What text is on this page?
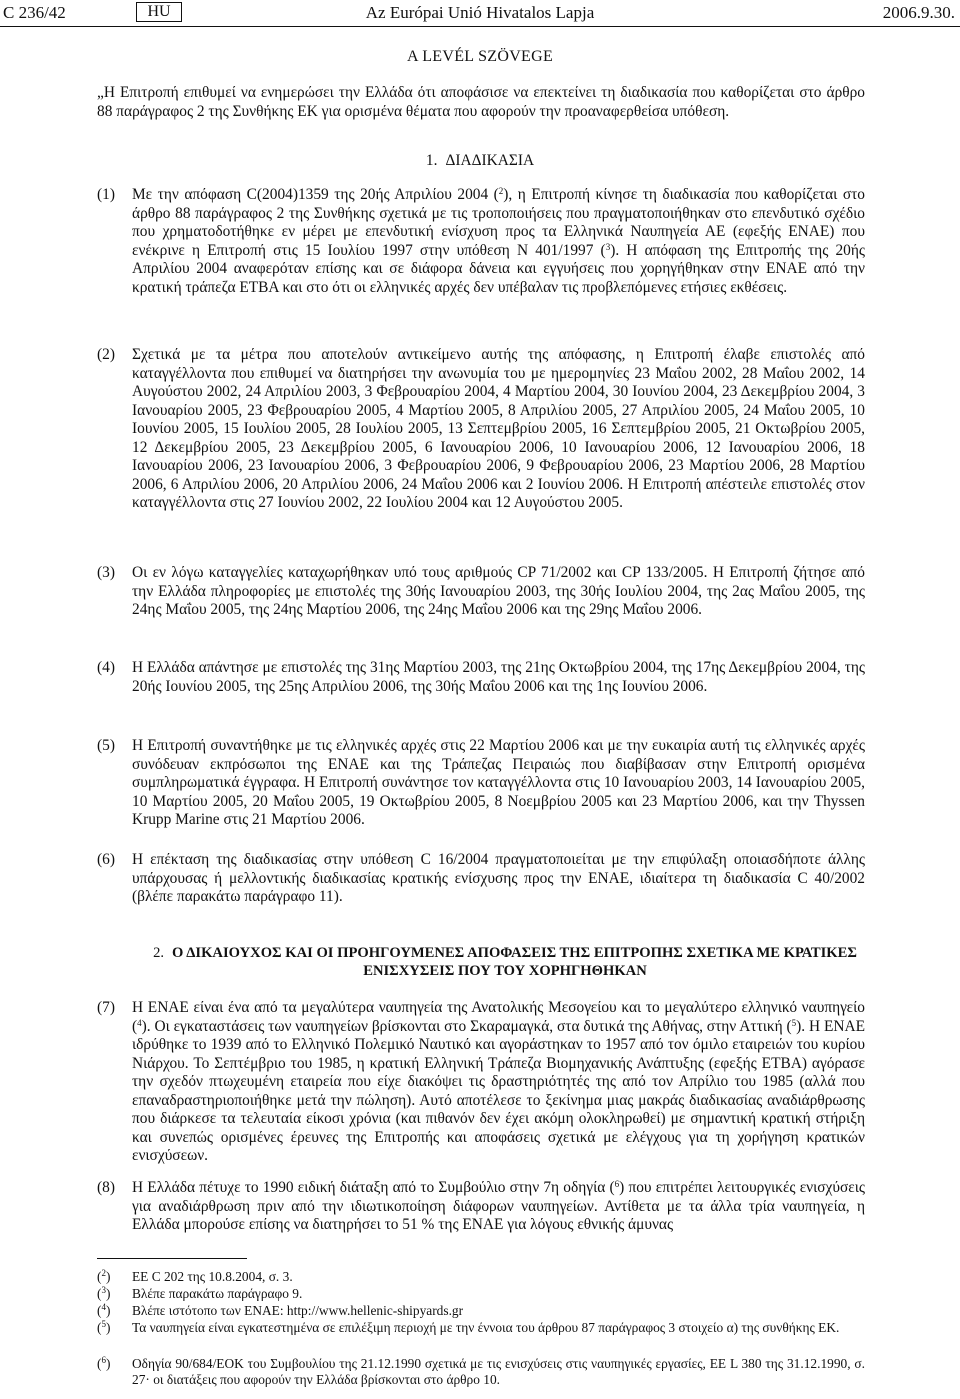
C 236/42	HU	Az Európai Unió Hivatalos Lapja	2006.9.30.
A LEVÉL SZÖVEGE
„Η Επιτροπή επιθυμεί να ενημερώσει την Ελλάδα ότι αποφάσισε να επεκτείνει τη διαδικασία που καθορίζεται στο άρθρο 88 παράγραφος 2 της Συνθήκης ΕΚ για ορισμένα θέματα που αφορούν την προαναφερθείσα υπόθεση.
1. ΔΙΑΔΙΚΑΣΙΑ
(1) Με την απόφαση C(2004)1359 της 20ής Απριλίου 2004 ($^2$), η Επιτροπή κίνησε τη διαδικασία που καθορίζεται στο άρθρο 88 παράγραφος 2 της Συνθήκης σχετικά με τις τροποποιήσεις που πραγματοποιήθηκαν στο επενδυτικό σχέδιο που χρηματοδοτήθηκε εν μέρει με επενδυτική ενίσχυση προς τα Ελληνικά Ναυπηγεία ΑΕ (εφεξής ΕΝΑΕ) που ενέκρινε η Επιτροπή στις 15 Ιουλίου 1997 στην υπόθεση Ν 401/1997 ($^3$). Η απόφαση της Επιτροπής της 20ής Απριλίου 2004 αναφερόταν επίσης και σε διάφορα δάνεια και εγγυήσεις που χορηγήθηκαν στην ΕΝΑΕ από την κρατική τράπεζα ΕΤΒΑ και στο ότι οι ελληνικές αρχές δεν υπέβαλαν τις προβλεπόμενες ετήσιες εκθέσεις.
(2) Σχετικά με τα μέτρα που αποτελούν αντικείμενο αυτής της απόφασης, η Επιτροπή έλαβε επιστολές από καταγγέλλοντα που επιθυμεί να διατηρήσει την ανωνυμία του με ημερομηνίες 23 Μαΐου 2002, 28 Μαΐου 2002, 14 Αυγούστου 2002, 24 Απριλίου 2003, 3 Φεβρουαρίου 2004, 4 Μαρτίου 2004, 30 Ιουνίου 2004, 23 Δεκεμβρίου 2004, 3 Ιανουαρίου 2005, 23 Φεβρουαρίου 2005, 4 Μαρτίου 2005, 8 Απριλίου 2005, 27 Απριλίου 2005, 24 Μαΐου 2005, 10 Ιουνίου 2005, 15 Ιουλίου 2005, 28 Ιουλίου 2005, 13 Σεπτεμβρίου 2005, 16 Σεπτεμβρίου 2005, 21 Οκτωβρίου 2005, 12 Δεκεμβρίου 2005, 23 Δεκεμβρίου 2005, 6 Ιανουαρίου 2006, 10 Ιανουαρίου 2006, 12 Ιανουαρίου 2006, 18 Ιανουαρίου 2006, 23 Ιανουαρίου 2006, 3 Φεβρουαρίου 2006, 9 Φεβρουαρίου 2006, 23 Μαρτίου 2006, 28 Μαρτίου 2006, 6 Απριλίου 2006, 20 Απριλίου 2006, 24 Μαΐου 2006 και 2 Ιουνίου 2006. Η Επιτροπή απέστειλε επιστολές στον καταγγέλλοντα στις 27 Ιουνίου 2002, 22 Ιουλίου 2004 και 12 Αυγούστου 2005.
(3) Οι εν λόγω καταγγελίες καταχωρήθηκαν υπό τους αριθμούς CP 71/2002 και CP 133/2005. Η Επιτροπή ζήτησε από την Ελλάδα πληροφορίες με επιστολές της 30ής Ιανουαρίου 2003, της 30ής Ιουλίου 2004, της 2ας Μαΐου 2005, της 24ης Μαΐου 2005, της 24ης Μαρτίου 2006, της 24ης Μαΐου 2006 και της 29ης Μαΐου 2006.
(4) Η Ελλάδα απάντησε με επιστολές της 31ης Μαρτίου 2003, της 21ης Οκτωβρίου 2004, της 17ης Δεκεμβρίου 2004, της 20ής Ιουνίου 2005, της 25ης Απριλίου 2006, της 30ής Μαΐου 2006 και της 1ης Ιουνίου 2006.
(5) Η Επιτροπή συναντήθηκε με τις ελληνικές αρχές στις 22 Μαρτίου 2006 και με την ευκαιρία αυτή τις ελληνικές αρχές συνόδευαν εκπρόσωποι της ΕΝΑΕ και της Τράπεζας Πειραιώς που διαβίβασαν στην Επιτροπή ορισμένα συμπληρωματικά έγγραφα. Η Επιτροπή συνάντησε τον καταγγέλλοντα στις 10 Ιανουαρίου 2003, 14 Ιανουαρίου 2005, 10 Μαρτίου 2005, 20 Μαΐου 2005, 19 Οκτωβρίου 2005, 8 Νοεμβρίου 2005 και 23 Μαρτίου 2006, και την Thyssen Krupp Marine στις 21 Μαρτίου 2006.
(6) Η επέκταση της διαδικασίας στην υπόθεση C 16/2004 πραγματοποιείται με την επιφύλαξη οποιασδήποτε άλλης υπάρχουσας ή μελλοντικής διαδικασίας κρατικής ενίσχυσης προς την ΕΝΑΕ, ιδιαίτερα τη διαδικασία C 40/2002 (βλέπε παρακάτω παράγραφο 11).
2. Ο ΔΙΚΑΙΟΥΧΟΣ ΚΑΙ ΟΙ ΠΡΟΗΓΟΥΜΕΝΕΣ ΑΠΟΦΑΣΕΙΣ ΤΗΣ ΕΠΙΤΡΟΠΗΣ ΣΧΕΤΙΚΑ ΜΕ ΚΡΑΤΙΚΕΣ ΕΝΙΣΧΥΣΕΙΣ ΠΟΥ ΤΟΥ ΧΟΡΗΓΗΘΗΚΑΝ
(7) Η ΕΝΑΕ είναι ένα από τα μεγαλύτερα ναυπηγεία της Ανατολικής Μεσογείου και το μεγαλύτερο ελληνικό ναυπηγείο ($^4$). Οι εγκαταστάσεις των ναυπηγείων βρίσκονται στο Σκαραμαγκά, στα δυτικά της Αθήνας, στην Αττική ($^5$). Η ΕΝΑΕ ιδρύθηκε το 1939 από το Ελληνικό Πολεμικό Ναυτικό και αγοράστηκαν το 1957 από τον όμιλο εταιρειών του κυρίου Νιάρχου. Το Σεπτέμβριο του 1985, η κρατική Ελληνική Τράπεζα Βιομηχανικής Ανάπτυξης (εφεξής ΕΤΒΑ) αγόρασε την σχεδόν πτωχευμένη εταιρεία που είχε διακόψει τις δραστηριότητές της από τον Απρίλιο του 1985 (αλλά που επαναδραστηριοποιήθηκε μετά την πώληση). Αυτό αποτέλεσε το ξεκίνημα μιας μακράς διαδικασίας αναδιάρθρωσης που διάρκεσε τα τελευταία είκοσι χρόνια (και πιθανόν δεν έχει ακόμη ολοκληρωθεί) με σημαντική κρατική στήριξη και συνεπώς ορισμένες έρευνες της Επιτροπής και αποφάσεις σχετικά με ελέγχους για τη χορήγηση κρατικών ενισχύσεων.
(8) Η Ελλάδα πέτυχε το 1990 ειδική διάταξη από το Συμβούλιο στην 7η οδηγία ($^6$) που επιτρέπει λειτουργικές ενισχύσεις για αναδιάρθρωση πριν από την ιδιωτικοποίηση διάφορων ναυπηγείων. Αντίθετα με τα άλλα τρία ναυπηγεία, η Ελλάδα μπορούσε επίσης να διατηρήσει το 51 % της ΕΝΑΕ για λόγους εθνικής άμυνας
($^2$) ΕΕ C 202 της 10.8.2004, σ. 3.
($^3$) Βλέπε παρακάτω παράγραφο 9.
($^4$) Βλέπε ιστότοπο των ΕΝΑΕ: http://www.hellenic-shipyards.gr
($^5$) Τα ναυπηγεία είναι εγκατεστημένα σε επιλέξιμη περιοχή με την έννοια του άρθρου 87 παράγραφος 3 στοιχείο α) της συνθήκης ΕΚ.
($^6$) Οδηγία 90/684/ΕΟΚ του Συμβουλίου της 21.12.1990 σχετικά με τις ενισχύσεις στις ναυπηγικές εργασίες, ΕΕ L 380 της 31.12.1990, σ. 27· οι διατάξεις που αφορούν την Ελλάδα βρίσκονται στο άρθρο 10.
